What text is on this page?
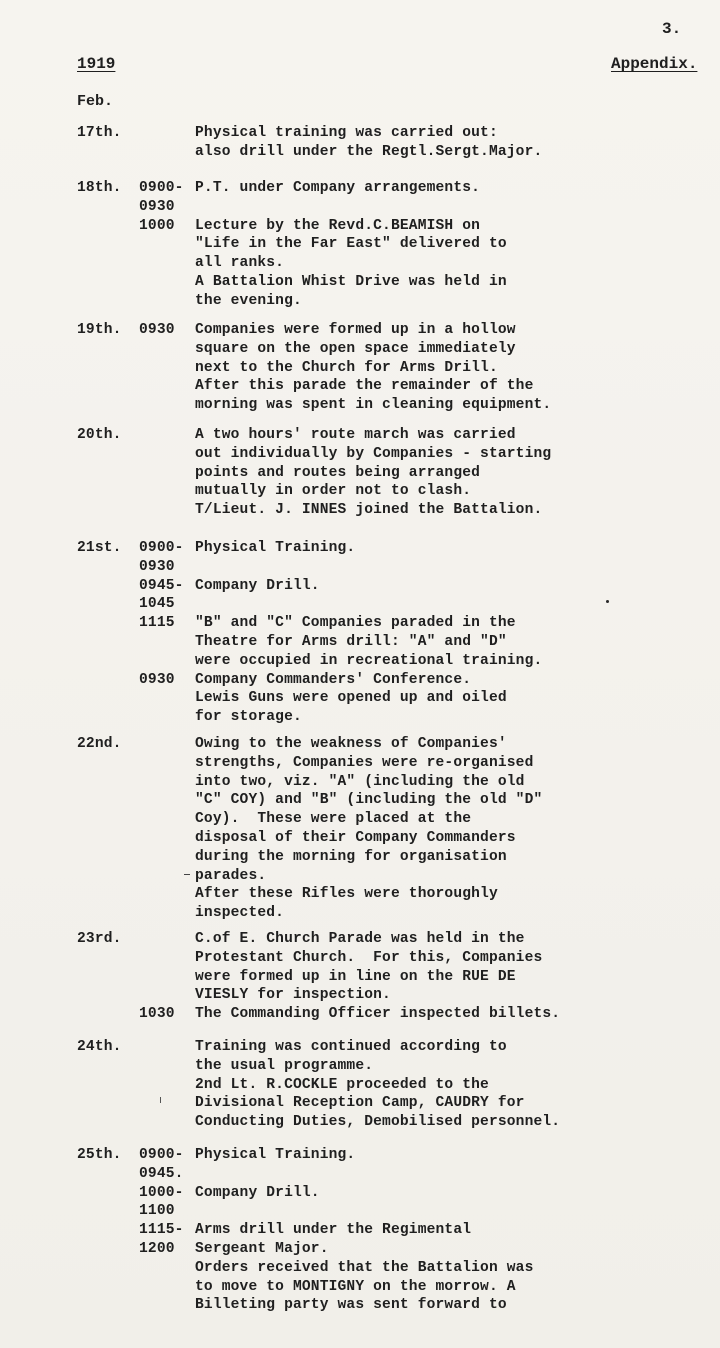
3.
1919	Appendix.
Feb.
17th.	Physical training was carried out:
also drill under the Regtl.Sergt.Major.
18th. 0900- P.T. under Company arrangements.
0930
1000 Lecture by the Revd.C.BEAMISH on
"Life in the Far East" delivered to
all ranks.
A Battalion Whist Drive was held in
the evening.
19th. 0930 Companies were formed up in a hollow
square on the open space immediately
next to the Church for Arms Drill.
After this parade the remainder of the
morning was spent in cleaning equipment.
20th.	A two hours' route march was carried
out individually by Companies - starting
points and routes being arranged
mutually in order not to clash.
T/Lieut. J. INNES joined the Battalion.
21st. 0900- Physical Training.
0930
0945- Company Drill.
1045
1115 "B" and "C" Companies paraded in the
Theatre for Arms drill: "A" and "D"
were occupied in recreational training.
0930 Company Commanders' Conference.
Lewis Guns were opened up and oiled
for storage.
22nd.	Owing to the weakness of Companies'
strengths, Companies were re-organised
into two, viz. "A" (including the old
"C" COY) and "B" (including the old "D"
Coy).  These were placed at the
disposal of their Company Commanders
during the morning for organisation
parades.
After these Rifles were thoroughly
inspected.
23rd.	C.of E. Church Parade was held in the
Protestant Church.  For this, Companies
were formed up in line on the RUE DE
VIESLY for inspection.
1030 The Commanding Officer inspected billets.
24th.	Training was continued according to
the usual programme.
2nd Lt. R.COCKLE proceeded to the
Divisional Reception Camp, CAUDRY for
Conducting Duties, Demobilised personnel.
25th. 0900- Physical Training.
0945.
1000- Company Drill.
1100
1115- Arms drill under the Regimental
1200 Sergeant Major.
Orders received that the Battalion was
to move to MONTIGNY on the morrow. A
Billeting party was sent forward to
